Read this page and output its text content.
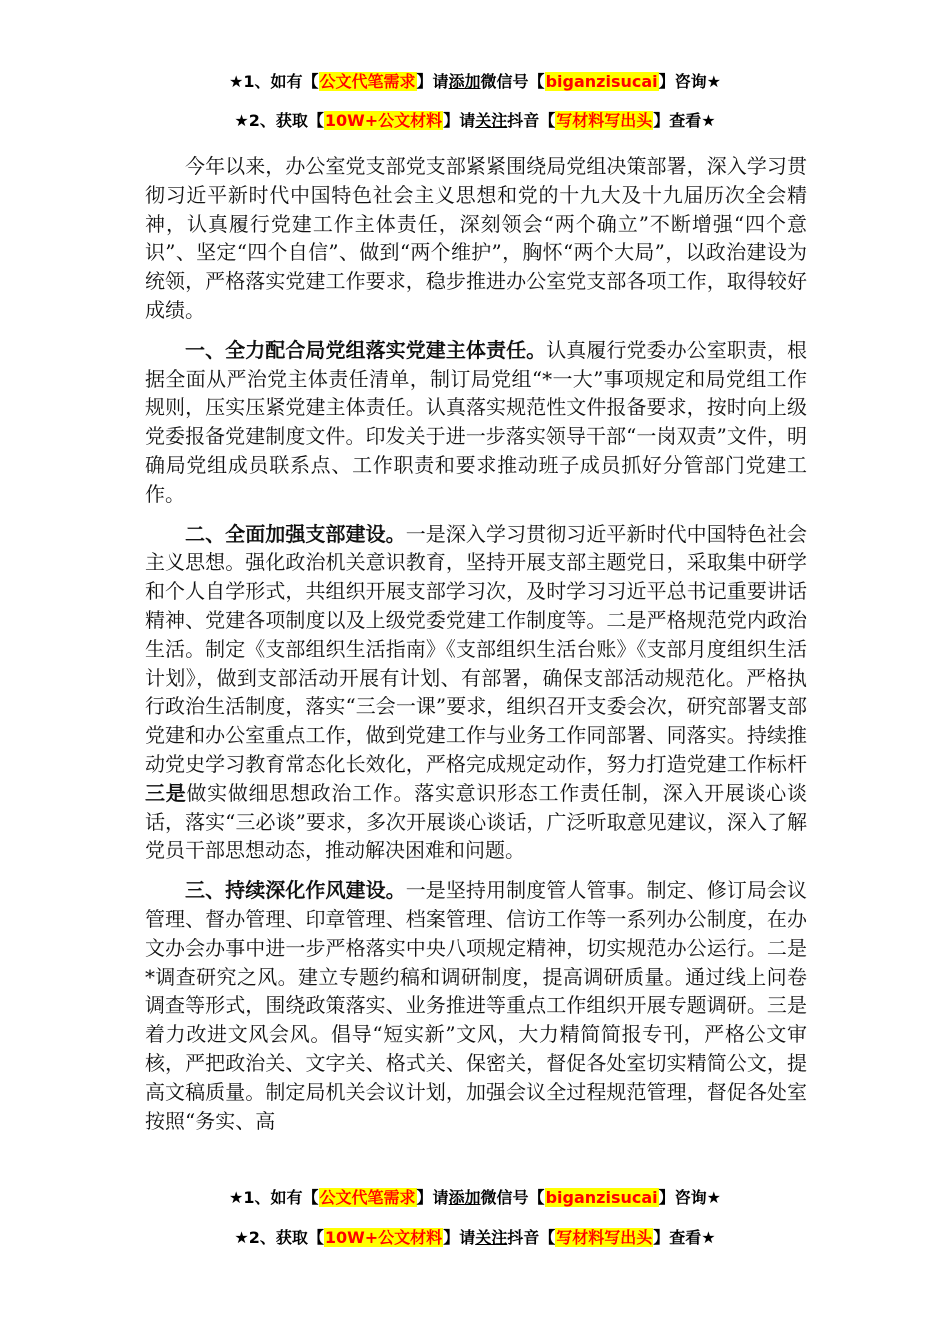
★1、如有【公文代笔需求】请添加微信号【biganzisucai】咨询★
★2、获取【10W+公文材料】请关注抖音【写材料写出头】查看★

今年以来，办公室党支部党支部紧紧围绕局党组决策部署，深入学习贯彻习近平新时代中国特色社会主义思想和党的十九大及十九届历次全会精神，认真履行党建工作主体责任，深刻领会“两个确立”不断增强“四个意识”、坚定“四个自信”、做到“两个维护”，胸怀“两个大局”，以政治建设为统领，严格落实党建工作要求，稳步推进办公室党支部各项工作，取得较好成绩。

一、全力配合局党组落实党建主体责任。认真履行党委办公室职责，根据全面从严治党主体责任清单，制订局党组“*一大”事项规定和局党组工作规则，压实压紧党建主体责任。认真落实规范性文件报备要求，按时向上级党委报备党建制度文件。印发关于进一步落实领导干部“一岗双责”文件，明确局党组成员联系点、工作职责和要求推动班子成员抓好分管部门党建工作。

二、全面加强支部建设。一是深入学习贯彻习近平新时代中国特色社会主义思想。强化政治机关意识教育，坚持开展支部主题党日，采取集中研学和个人自学形式，共组织开展支部学习次，及时学习习近平总书记重要讲话精神、党建各项制度以及上级党委党建工作制度等。二是严格规范党内政治生活。制定《支部组织生活指南》《支部组织生活台账》《支部月度组织生活计划》，做到支部活动开展有计划、有部署，确保支部活动规范化。严格执行政治生活制度，落实“三会一课”要求，组织召开支委会次，研究部署支部党建和办公室重点工作，做到党建工作与业务工作同部署、同落实。持续推动党史学习教育常态化长效化，严格完成规定动作，努力打造党建工作标杆三是做实做细思想政治工作。落实意识形态工作责任制，深入开展谈心谈话，落实“三必谈”要求，多次开展谈心谈话，广泛听取意见建议，深入了解党员干部思想动态，推动解决困难和问题。

三、持续深化作风建设。一是坚持用制度管人管事。制定、修订局会议管理、督办管理、印章管理、档案管理、信访工作等一系列办公制度，在办文办会办事中进一步严格落实中央八项规定精神，切实规范办公运行。二是*调查研究之风。建立专题约稿和调研制度，提高调研质量。通过线上问卷调查等形式，围绕政策落实、业务推进等重点工作组织开展专题调研。三是着力改进文风会风。倡导“短实新”文风，大力精简简报专刊，严格公文审核，严把政治关、文字关、格式关、保密关，督促各处室切实精简公文，提高文稿质量。制定局机关会议计划，加强会议全过程规范管理，督促各处室按照“务实、高

★1、如有【公文代笔需求】请添加微信号【biganzisucai】咨询★
★2、获取【10W+公文材料】请关注抖音【写材料写出头】查看★
